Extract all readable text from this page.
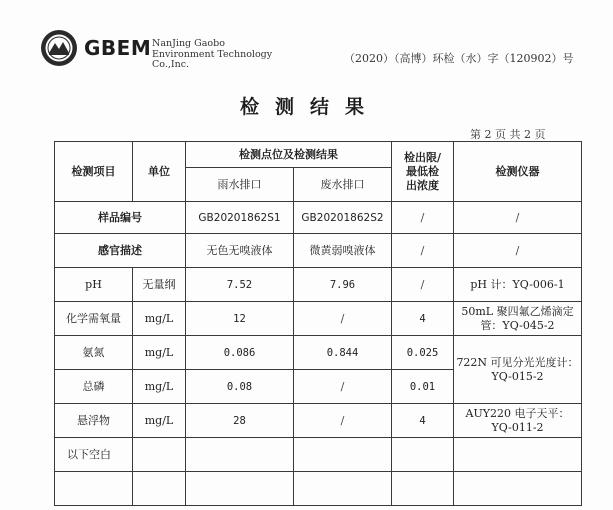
GBEM NanJing Gaobo
Environment Technology
Co.,Inc.	（2020）（高博）环检（水）字（120902）号
检测结果
第 2 页 共 2 页
检测项目	单位	检测点位及检测结果		检出限/
最低检
出浓度	检测仪器
		雨水排口	废水排口		
样品编号		GB20201862S1	GB20201862S2	/	/
感官描述		无色无嗅液体	微黄弱嗅液体	/	/
pH	无量纲	7.52	7.96	/	pH 计：YQ-006-1
化学需氧量	mg/L	12	/	4	50mL 聚四氟乙烯滴定
管：YQ-045-2

氨氮	mg/L	0.086	0.844	0.025	722N 可见分光光度计：
YQ-015-2

总磷	mg/L	0.08	/	0.01	
悬浮物	mg/L	28	/	4	AUY220 电子天平：
YQ-011-2

以下空白					
